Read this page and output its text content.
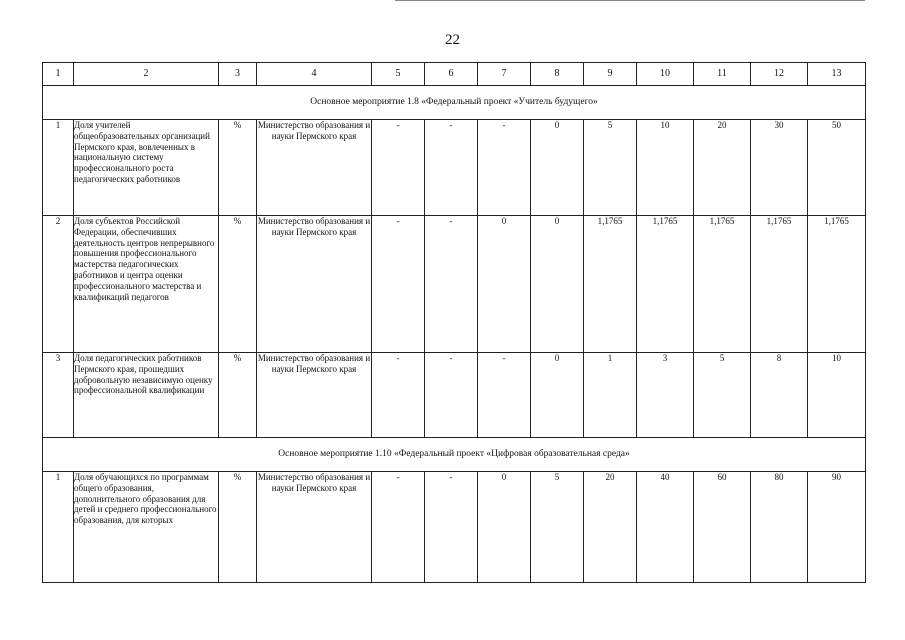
22
1	2	3	4	5	6	7	8	9	10	11	12	13
Основное мероприятие 1.8 «Федеральный проект «Учитель будущего»												
1	Доля учителей общеобразовательных организаций Пермского края, вовлеченных в национальную систему профессионального роста педагогических работников	%	Министерство образования и науки Пермского края	-	-	-	0	5	10	20	30	50
2	Доля субъектов Российской Федерации, обеспечивших деятельность центров непрерывного повышения профессионального мастерства педагогических работников и центра оценки профессионального мастерства и квалификаций педагогов	%	Министерство образования и науки Пермского края	-	-	0	0	1,1765	1,1765	1,1765	1,1765	1,1765
3	Доля педагогических работников Пермского края, прошедших добровольную независимую оценку профессиональной квалификации	%	Министерство образования и науки Пермского края	-	-	-	0	1	3	5	8	10
Основное мероприятие 1.10 «Федеральный проект «Цифровая образовательная среда»												
1	Доля обучающихся по программам общего образования, дополнительного образования для детей и среднего профессионального образования, для которых	%	Министерство образования и науки Пермского края	-	-	0	5	20	40	60	80	90
